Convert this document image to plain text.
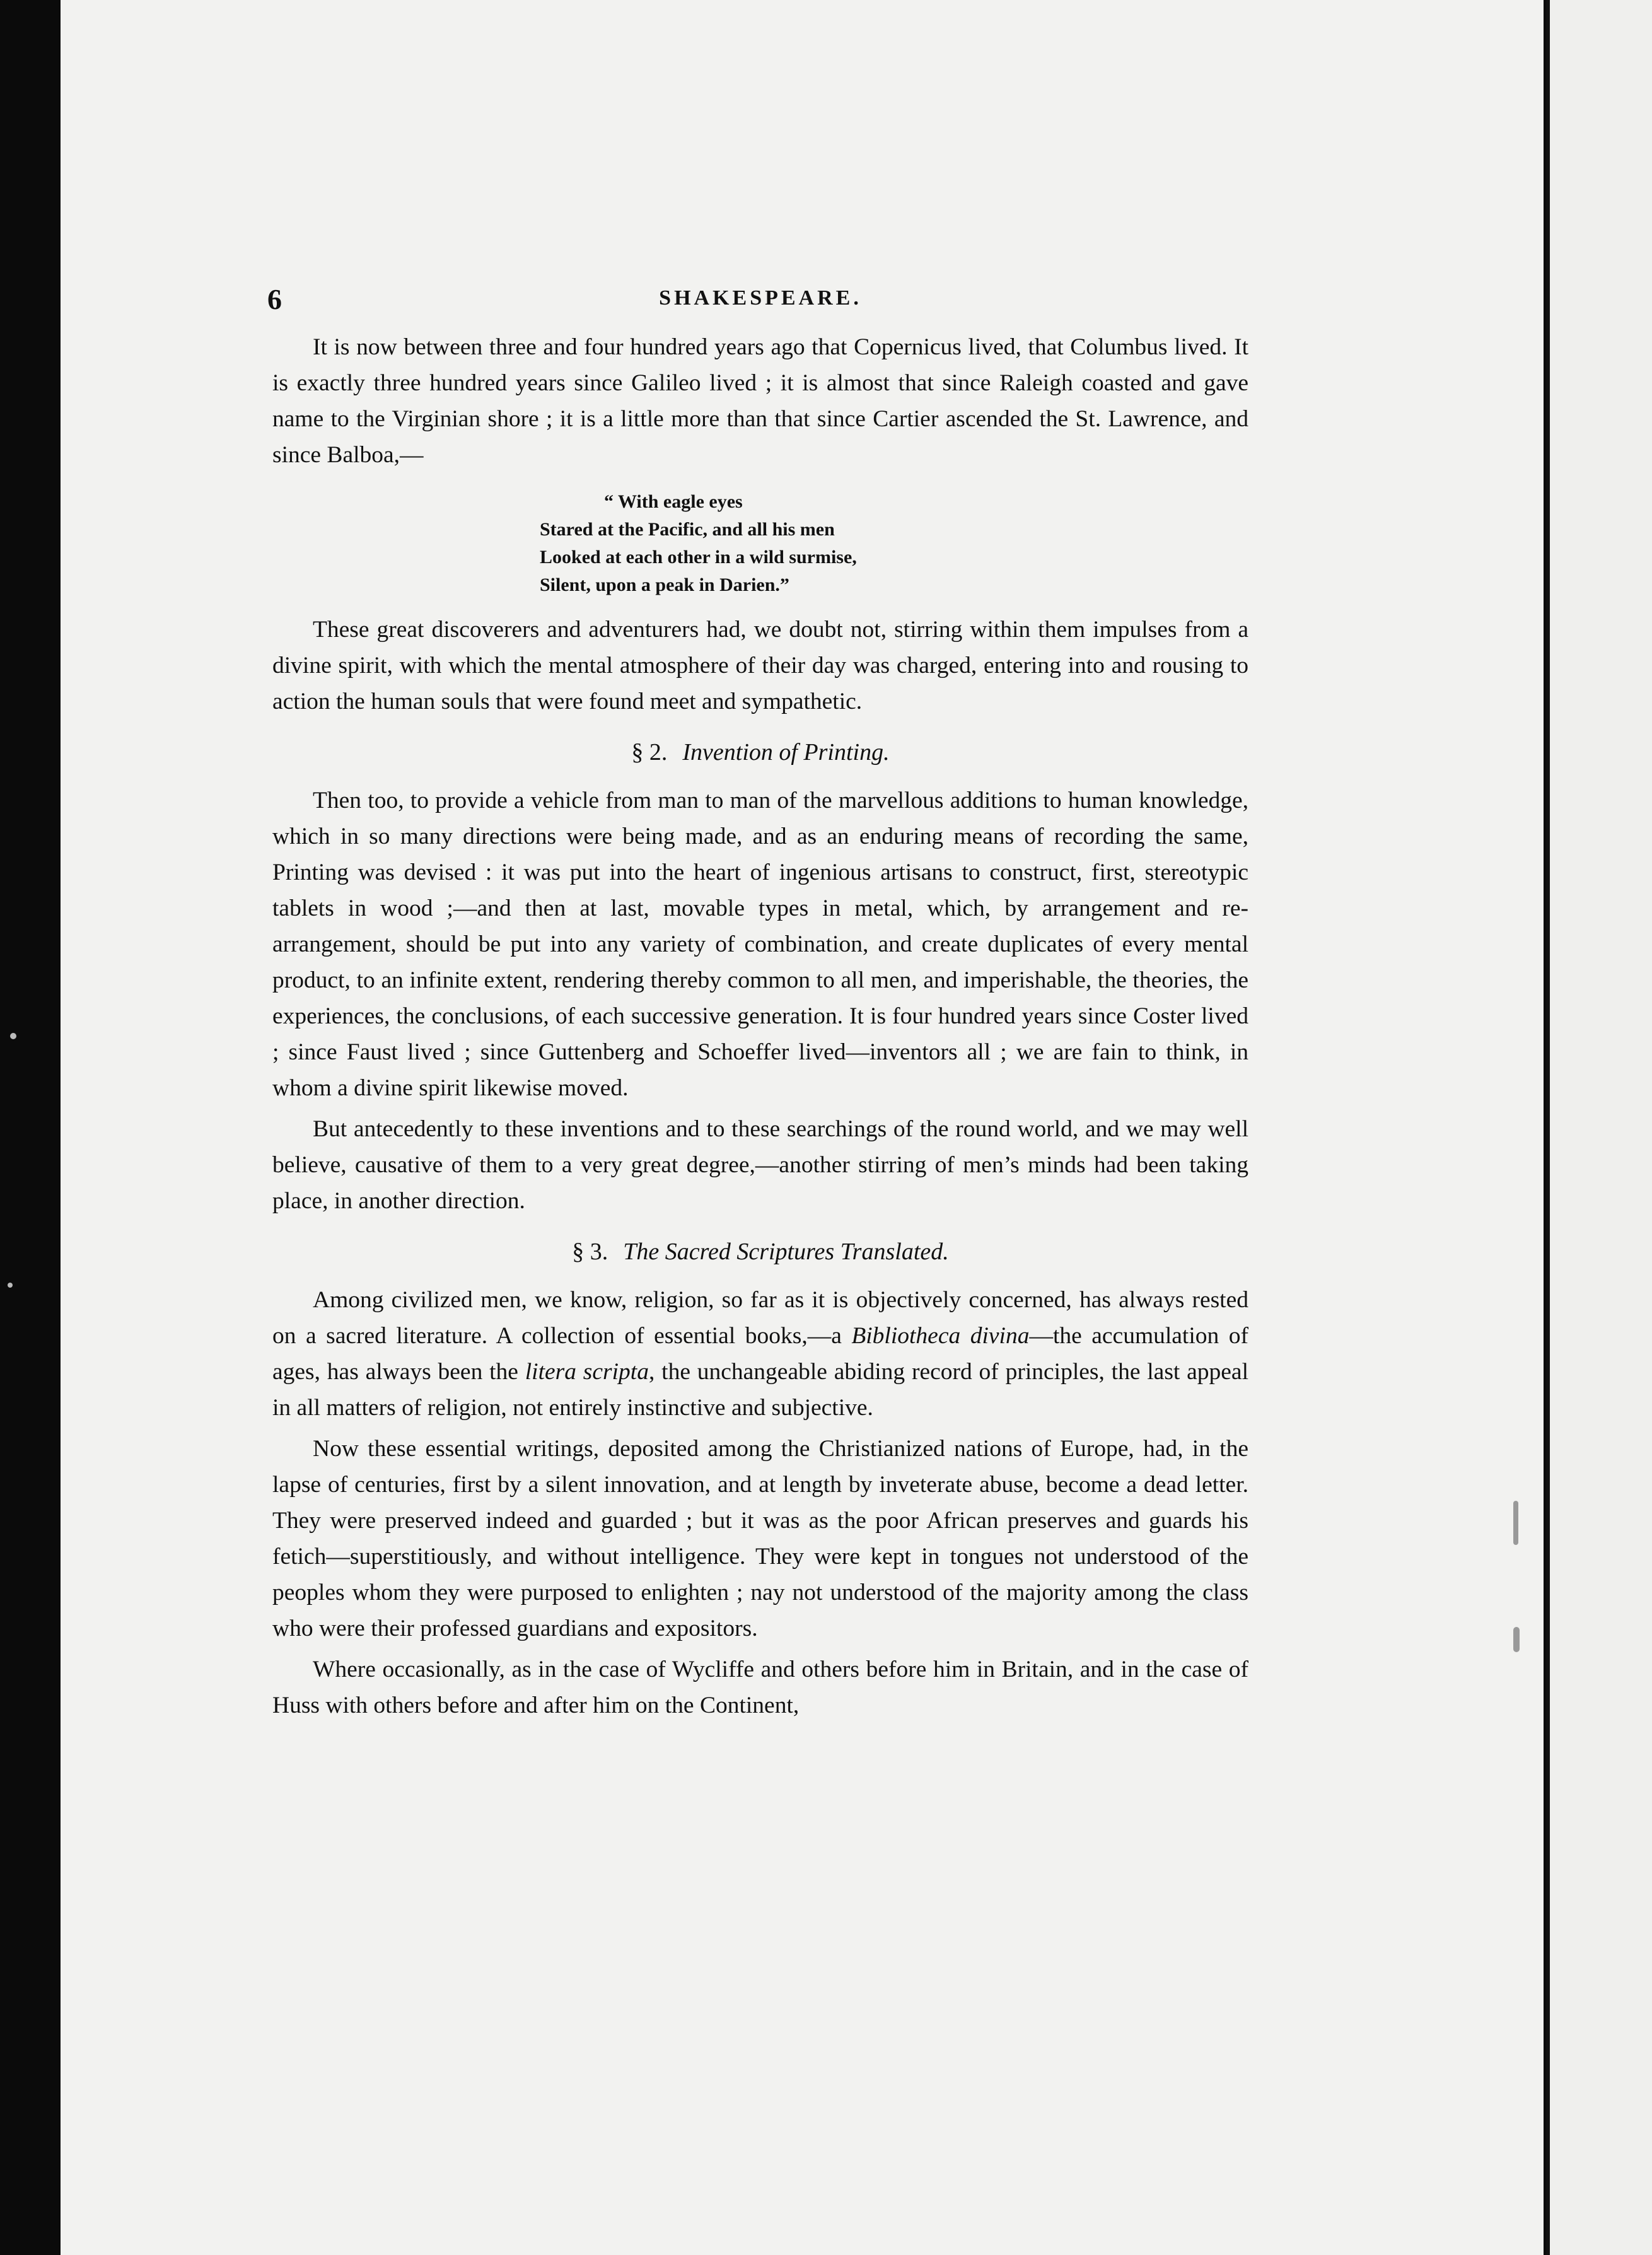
6	SHAKESPEARE.

It is now between three and four hundred years ago that Copernicus lived, that Columbus lived. It is exactly three hundred years since Galileo lived ; it is almost that since Raleigh coasted and gave name to the Virginian shore ; it is a little more than that since Cartier ascended the St. Lawrence, and since Balboa,—

“ With eagle eyes
Stared at the Pacific, and all his men
Looked at each other in a wild surmise,
Silent, upon a peak in Darien.”

These great discoverers and adventurers had, we doubt not, stirring within them impulses from a divine spirit, with which the mental atmosphere of their day was charged, entering into and rousing to action the human souls that were found meet and sympathetic.

§ 2. Invention of Printing.

Then too, to provide a vehicle from man to man of the marvellous additions to human knowledge, which in so many directions were being made, and as an enduring means of recording the same, Printing was devised : it was put into the heart of ingenious artisans to construct, first, stereotypic tablets in wood ;—and then at last, movable types in metal, which, by arrangement and re-arrangement, should be put into any variety of combination, and create duplicates of every mental product, to an infinite extent, rendering thereby common to all men, and imperishable, the theories, the experiences, the conclusions, of each successive generation. It is four hundred years since Coster lived ; since Faust lived ; since Guttenberg and Schoeffer lived—inventors all ; we are fain to think, in whom a divine spirit likewise moved.

But antecedently to these inventions and to these searchings of the round world, and we may well believe, causative of them to a very great degree,—another stirring of men’s minds had been taking place, in another direction.

§ 3. The Sacred Scriptures Translated.

Among civilized men, we know, religion, so far as it is objectively concerned, has always rested on a sacred literature. A collection of essential books,—a Bibliotheca divina—the accumulation of ages, has always been the litera scripta, the unchangeable abiding record of principles, the last appeal in all matters of religion, not entirely instinctive and subjective.

Now these essential writings, deposited among the Christianized nations of Europe, had, in the lapse of centuries, first by a silent innovation, and at length by inveterate abuse, become a dead letter. They were preserved indeed and guarded ; but it was as the poor African preserves and guards his fetich—superstitiously, and without intelligence. They were kept in tongues not understood of the peoples whom they were purposed to enlighten ; nay not understood of the majority among the class who were their professed guardians and expositors.

Where occasionally, as in the case of Wycliffe and others before him in Britain, and in the case of Huss with others before and after him on the Continent,
